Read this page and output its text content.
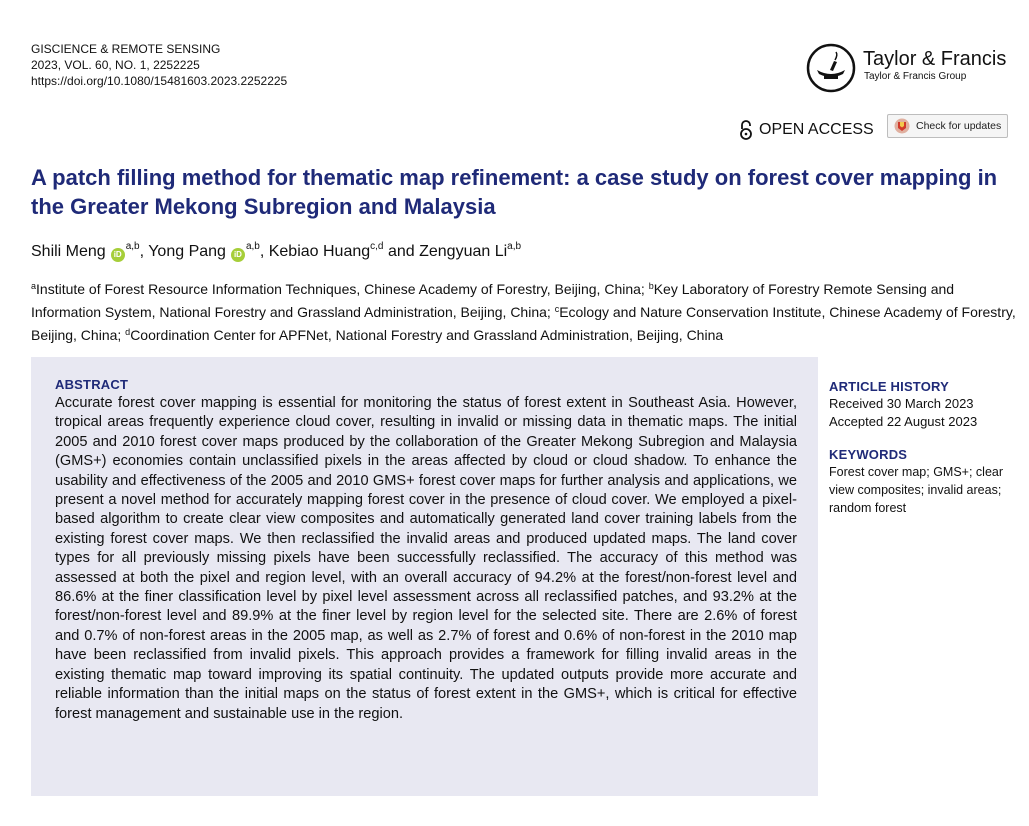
GISCIENCE & REMOTE SENSING
2023, VOL. 60, NO. 1, 2252225
https://doi.org/10.1080/15481603.2023.2252225
Taylor & Francis
Taylor & Francis Group
OPEN ACCESS	Check for updates
A patch filling method for thematic map refinement: a case study on forest cover mapping in the Greater Mekong Subregion and Malaysia
Shili Meng iD$^{a,b}$, Yong Pang iD$^{a,b}$, Kebiao Huang$^{c,d}$ and Zengyuan Li$^{a,b}$
$^a$Institute of Forest Resource Information Techniques, Chinese Academy of Forestry, Beijing, China; $^b$Key Laboratory of Forestry Remote Sensing and Information System, National Forestry and Grassland Administration, Beijing, China; $^c$Ecology and Nature Conservation Institute, Chinese Academy of Forestry, Beijing, China; $^d$Coordination Center for APFNet, National Forestry and Grassland Administration, Beijing, China
ABSTRACT
Accurate forest cover mapping is essential for monitoring the status of forest extent in Southeast Asia. However, tropical areas frequently experience cloud cover, resulting in invalid or missing data in thematic maps. The initial 2005 and 2010 forest cover maps produced by the collaboration of the Greater Mekong Subregion and Malaysia (GMS+) economies contain unclassified pixels in the areas affected by cloud or cloud shadow. To enhance the usability and effectiveness of the 2005 and 2010 GMS+ forest cover maps for further analysis and applications, we present a novel method for accurately mapping forest cover in the presence of cloud cover. We employed a pixel-based algorithm to create clear view composites and automatically generated land cover training labels from the existing forest cover maps. We then reclassified the invalid areas and produced updated maps. The land cover types for all previously missing pixels have been successfully reclassified. The accuracy of this method was assessed at both the pixel and region level, with an overall accuracy of 94.2% at the forest/non-forest level and 86.6% at the finer classification level by pixel level assessment across all reclassified patches, and 93.2% at the forest/non-forest level and 89.9% at the finer level by region level for the selected site. There are 2.6% of forest and 0.7% of non-forest areas in the 2005 map, as well as 2.7% of forest and 0.6% of non-forest in the 2010 map have been reclassified from invalid pixels. This approach provides a framework for filling invalid areas in the existing thematic map toward improving its spatial continuity. The updated outputs provide more accurate and reliable information than the initial maps on the status of forest extent in the GMS+, which is critical for effective forest management and sustainable use in the region.
ARTICLE HISTORY
Received 30 March 2023
Accepted 22 August 2023
KEYWORDS
Forest cover map; GMS+; clear view composites; invalid areas; random forest
